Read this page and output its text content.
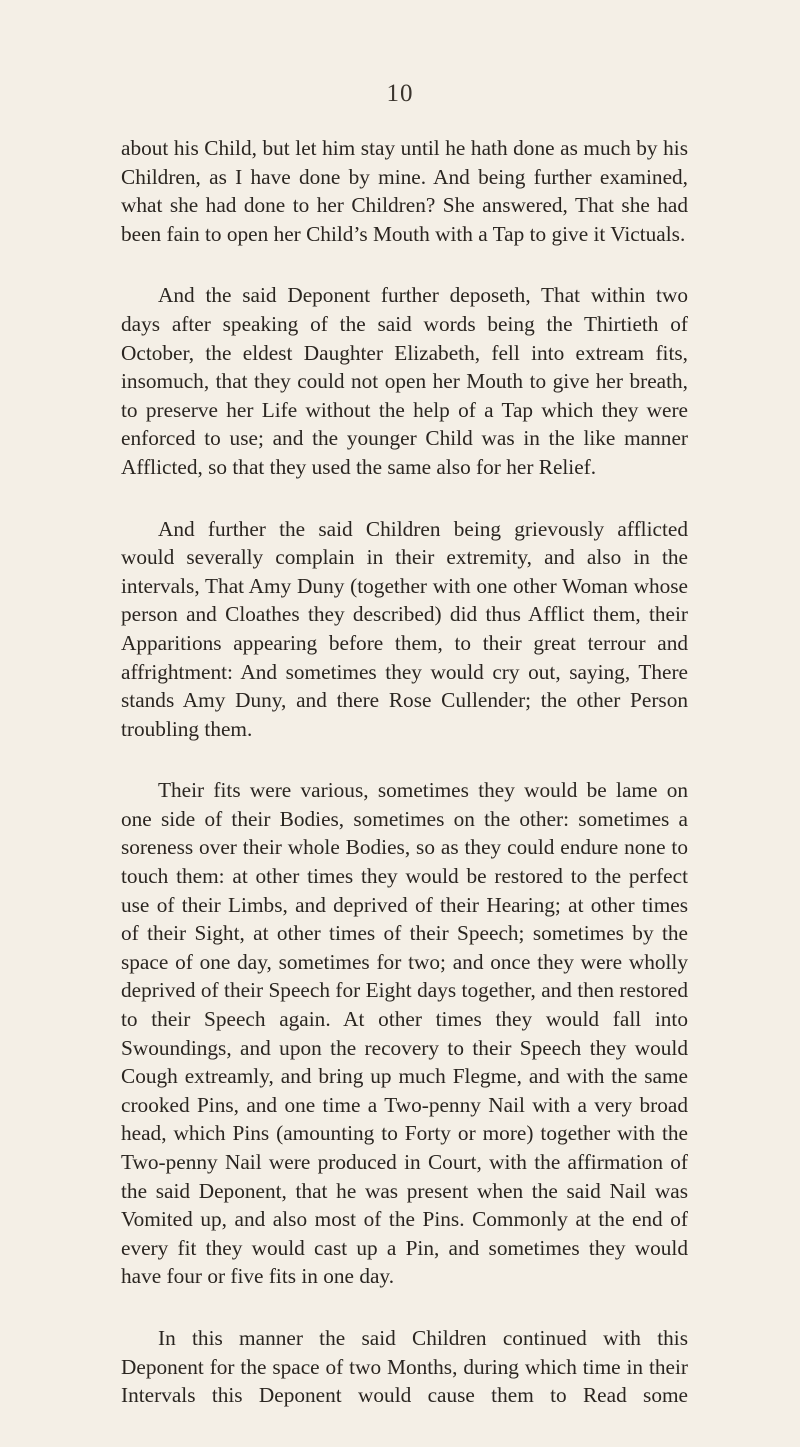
10

about his Child, but let him stay until he hath done as much by his Children, as I have done by mine. And being further examined, what she had done to her Children? She answered, That she had been fain to open her Child’s Mouth with a Tap to give it Victuals.

And the said Deponent further deposeth, That within two days after speaking of the said words being the Thirtieth of October, the eldest Daughter Elizabeth, fell into extream fits, insomuch, that they could not open her Mouth to give her breath, to preserve her Life without the help of a Tap which they were enforced to use; and the younger Child was in the like manner Afflicted, so that they used the same also for her Relief.

And further the said Children being grievously afflicted would severally complain in their extremity, and also in the intervals, That Amy Duny (together with one other Woman whose person and Cloathes they described) did thus Afflict them, their Apparitions appearing before them, to their great terrour and affrightment: And sometimes they would cry out, saying, There stands Amy Duny, and there Rose Cullender; the other Person troubling them.

Their fits were various, sometimes they would be lame on one side of their Bodies, sometimes on the other: sometimes a soreness over their whole Bodies, so as they could endure none to touch them: at other times they would be restored to the perfect use of their Limbs, and deprived of their Hearing; at other times of their Sight, at other times of their Speech; sometimes by the space of one day, sometimes for two; and once they were wholly deprived of their Speech for Eight days together, and then restored to their Speech again. At other times they would fall into Swoundings, and upon the recovery to their Speech they would Cough extreamly, and bring up much Flegme, and with the same crooked Pins, and one time a Two-penny Nail with a very broad head, which Pins (amounting to Forty or more) together with the Two-penny Nail were produced in Court, with the affirmation of the said Deponent, that he was present when the said Nail was Vomited up, and also most of the Pins. Commonly at the end of every fit they would cast up a Pin, and sometimes they would have four or five fits in one day.

In this manner the said Children continued with this Deponent for the space of two Months, during which time in their Intervals this Deponent would cause them to Read some
